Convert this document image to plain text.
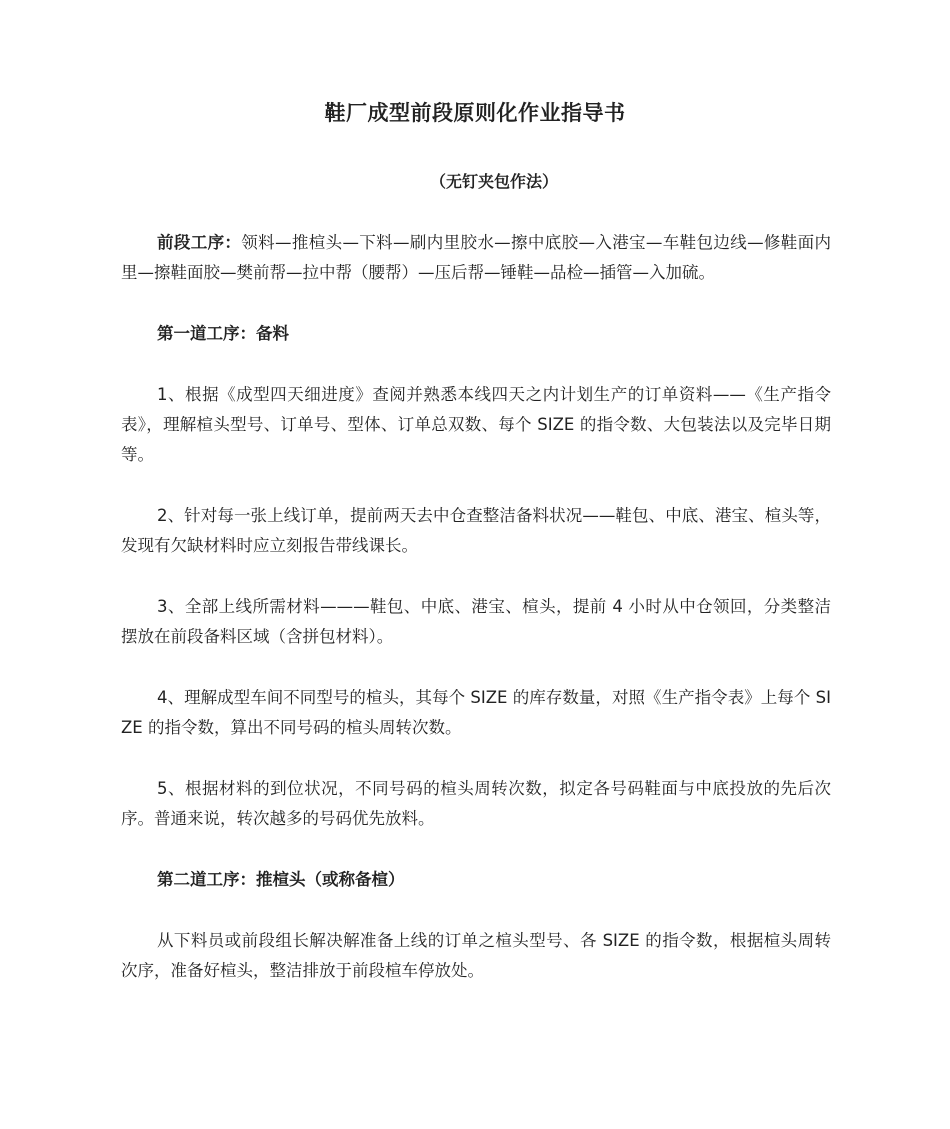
鞋厂成型前段原则化作业指导书
（无钉夹包作法）

前段工序：领料—推楦头—下料—刷内里胶水—擦中底胶—入港宝—车鞋包边线—修鞋面内里—擦鞋面胶—樊前帮—拉中帮（腰帮）—压后帮—锤鞋—品检—插管—入加硫。

第一道工序：备料

1、根据《成型四天细进度》查阅并熟悉本线四天之内计划生产的订单资料——《生产指令表》，理解楦头型号、订单号、型体、订单总双数、每个 SIZE 的指令数、大包装法以及完毕日期等。

2、针对每一张上线订单，提前两天去中仓查整洁备料状况——鞋包、中底、港宝、楦头等，发现有欠缺材料时应立刻报告带线课长。

3、全部上线所需材料———鞋包、中底、港宝、楦头，提前 4 小时从中仓领回，分类整洁摆放在前段备料区域（含拼包材料）。

4、理解成型车间不同型号的楦头，其每个 SIZE 的库存数量，对照《生产指令表》上每个 SIZE 的指令数，算出不同号码的楦头周转次数。

5、根据材料的到位状况，不同号码的楦头周转次数，拟定各号码鞋面与中底投放的先后次序。普通来说，转次越多的号码优先放料。

第二道工序：推楦头（或称备楦）

从下料员或前段组长解决解准备上线的订单之楦头型号、各 SIZE 的指令数，根据楦头周转次序，准备好楦头，整洁排放于前段楦车停放处。
